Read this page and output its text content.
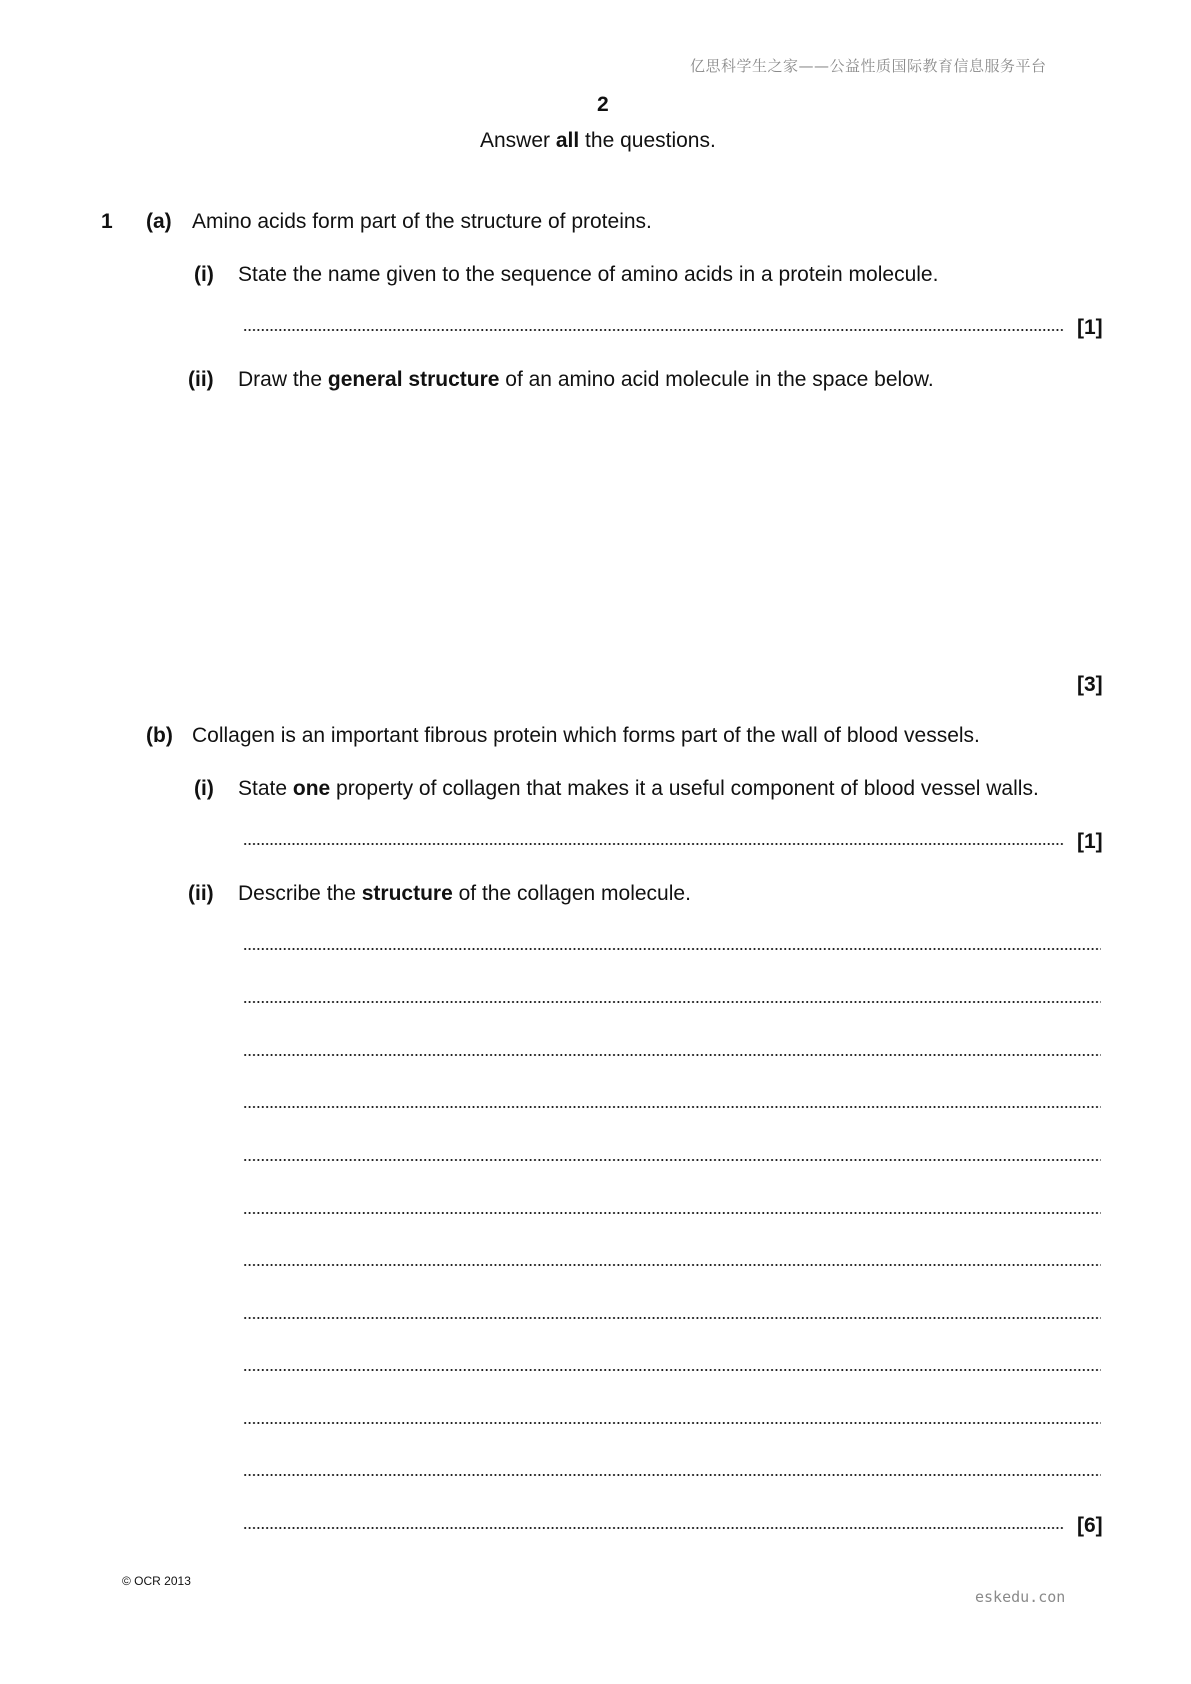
亿思科学生之家——公益性质国际教育信息服务平台
2
Answer all the questions.
1 (a) Amino acids form part of the structure of proteins.
(i) State the name given to the sequence of amino acids in a protein molecule.
[1]
(ii) Draw the general structure of an amino acid molecule in the space below.
[3]
(b) Collagen is an important fibrous protein which forms part of the wall of blood vessels.
(i) State one property of collagen that makes it a useful component of blood vessel walls.
[1]
(ii) Describe the structure of the collagen molecule.
[6]
© OCR 2013
eskedu.con
